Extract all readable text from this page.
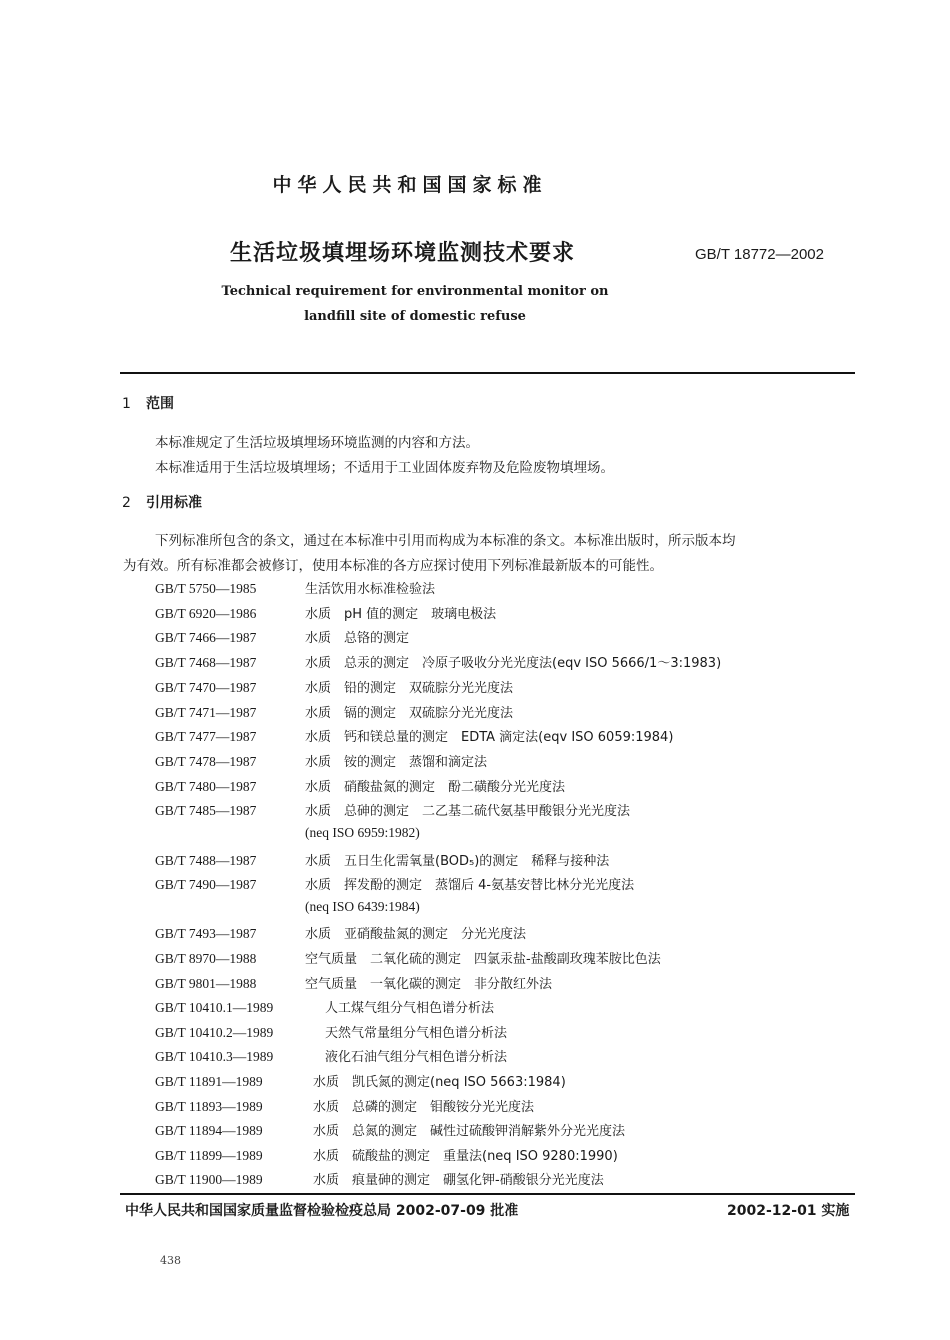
中华人民共和国国家标准
生活垃圾填埋场环境监测技术要求	GB/T 18772—2002
Technical requirement for environmental monitor on
landfill site of domestic refuse
1 范围
本标准规定了生活垃圾填埋场环境监测的内容和方法。
本标准适用于生活垃圾填埋场；不适用于工业固体废弃物及危险废物填埋场。
2 引用标准
下列标准所包含的条文，通过在本标准中引用而构成为本标准的条文。本标准出版时，所示版本均
为有效。所有标准都会被修订，使用本标准的各方应探讨使用下列标准最新版本的可能性。
GB/T 5750—1985	生活饮用水标准检验法
GB/T 6920—1986	水质　pH 值的测定　玻璃电极法
GB/T 7466—1987	水质　总铬的测定
GB/T 7468—1987	水质　总汞的测定　冷原子吸收分光光度法(eqv ISO 5666/1～3:1983)
GB/T 7470—1987	水质　铅的测定　双硫腙分光光度法
GB/T 7471—1987	水质　镉的测定　双硫腙分光光度法
GB/T 7477—1987	水质　钙和镁总量的测定　EDTA 滴定法(eqv ISO 6059:1984)
GB/T 7478—1987	水质　铵的测定　蒸馏和滴定法
GB/T 7480—1987	水质　硝酸盐氮的测定　酚二磺酸分光光度法
GB/T 7485—1987	水质　总砷的测定　二乙基二硫代氨基甲酸银分光光度法
(neq ISO 6959:1982)
GB/T 7488—1987	水质　五日生化需氧量(BOD₅)的测定　稀释与接种法
GB/T 7490—1987	水质　挥发酚的测定　蒸馏后 4-氨基安替比林分光光度法
(neq ISO 6439:1984)
GB/T 7493—1987	水质　亚硝酸盐氮的测定　分光光度法
GB/T 8970—1988	空气质量　二氧化硫的测定　四氯汞盐-盐酸副玫瑰苯胺比色法
GB/T 9801—1988	空气质量　一氧化碳的测定　非分散红外法
GB/T 10410.1—1989	人工煤气组分气相色谱分析法
GB/T 10410.2—1989	天然气常量组分气相色谱分析法
GB/T 10410.3—1989	液化石油气组分气相色谱分析法
GB/T 11891—1989	水质　凯氏氮的测定(neq ISO 5663:1984)
GB/T 11893—1989	水质　总磷的测定　钼酸铵分光光度法
GB/T 11894—1989	水质　总氮的测定　碱性过硫酸钾消解紫外分光光度法
GB/T 11899—1989	水质　硫酸盐的测定　重量法(neq ISO 9280:1990)
GB/T 11900—1989	水质　痕量砷的测定　硼氢化钾-硝酸银分光光度法
中华人民共和国国家质量监督检验检疫总局 2002-07-09 批准	2002-12-01 实施
438
